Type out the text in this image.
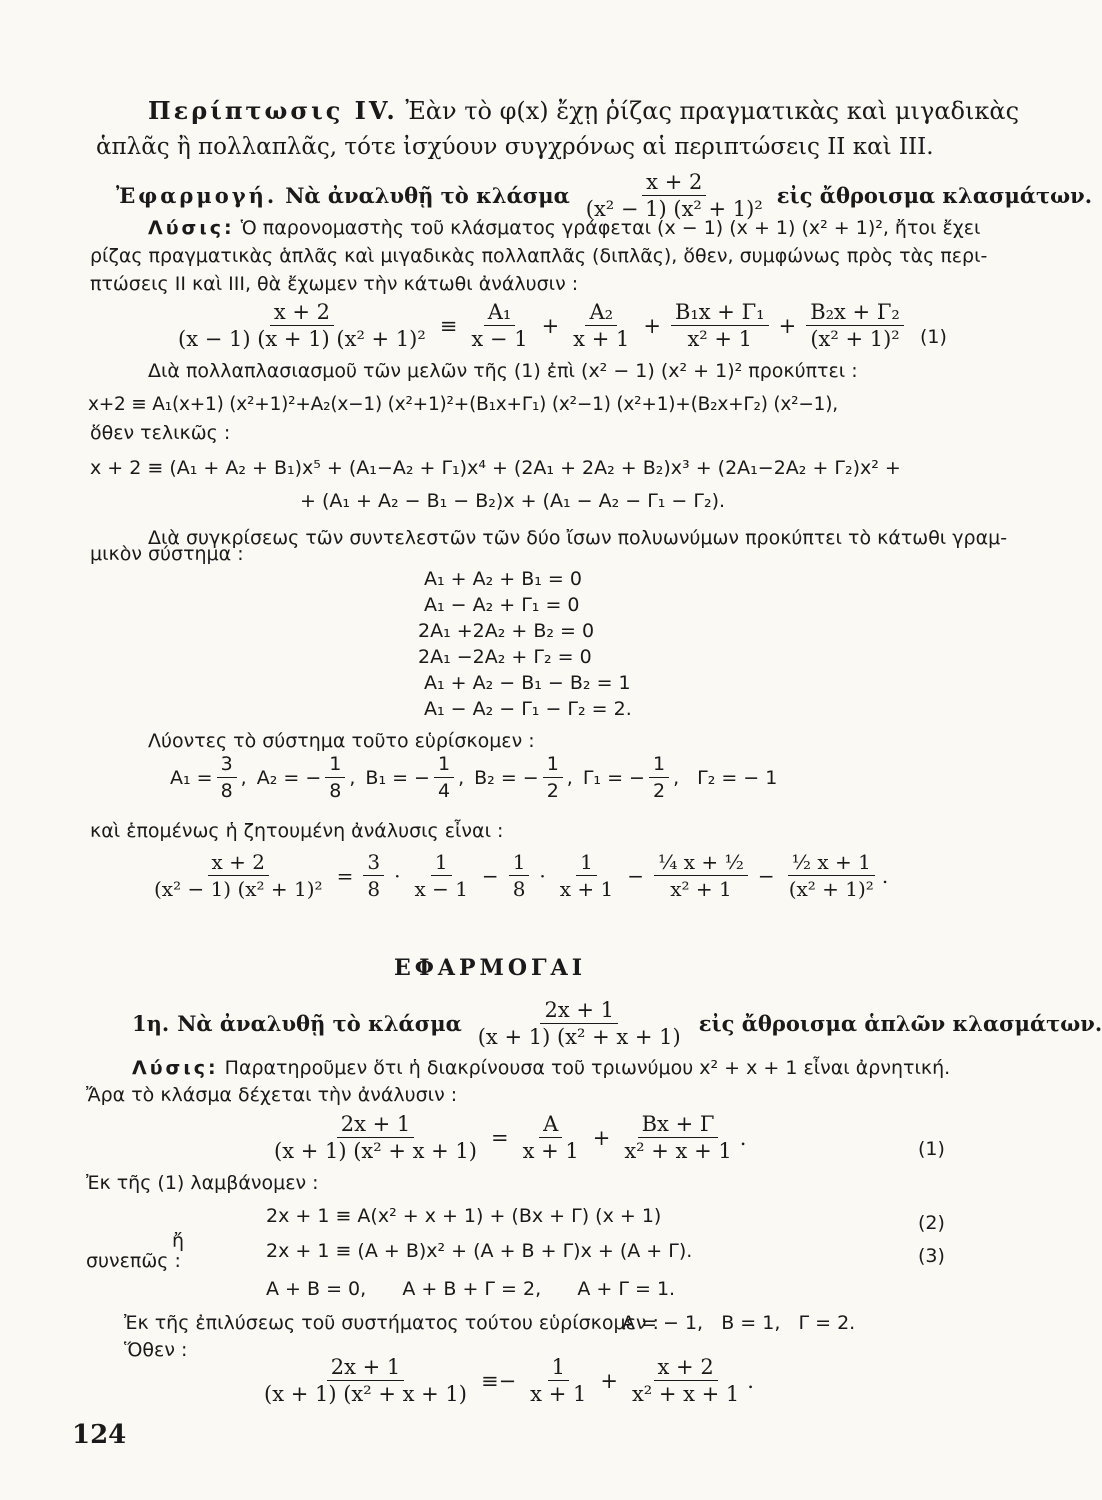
Περίπτωσις IV. Ἐὰν τὸ φ(x) ἔχῃ ῥίζας πραγματικὰς καὶ μιγαδικὰς
ἁπλᾶς ἢ πολλαπλᾶς, τότε ἰσχύουν συγχρόνως αἱ περιπτώσεις II καὶ III.
Ἐφαρμογή. Νὰ ἀναλυθῇ τὸ κλάσμα $\frac{x + 2}{\text{(x² − 1) (x² + 1)²}}$ εἰς ἄθροισμα κλασμάτων.
Λύσις: Ὁ παρονομαστὴς τοῦ κλάσματος γράφεται (x − 1) (x + 1) (x² + 1)², ἤτοι ἔχει
ρίζας πραγματικὰς ἁπλᾶς καὶ μιγαδικὰς πολλαπλᾶς (διπλᾶς), ὅθεν, συμφώνως πρὸς τὰς περι-
πτώσεις II καὶ III, θὰ ἔχωμεν τὴν κάτωθι ἀνάλυσιν :
$\frac{x + 2}{\text{(x − 1) (x + 1) (x² + 1)²}} \equiv \frac{\text{A₁}}{x - 1} + \frac{\text{A₂}}{x + 1} + \frac{\text{B₁x + Γ₁}}{\text{x² + 1}} + \frac{\text{B₂x + Γ₂}}{\text{(x² + 1)²}} (1)$
Διὰ πολλαπλασιασμοῦ τῶν μελῶν τῆς (1) ἐπὶ (x² − 1) (x² + 1)² προκύπτει :
x+2 ≡ A₁(x+1) (x²+1)²+A₂(x−1) (x²+1)²+(B₁x+Γ₁) (x²−1) (x²+1)+(B₂x+Γ₂) (x²−1),
ὅθεν τελικῶς :
x + 2 ≡ (A₁ + A₂ + B₁)x⁵ + (A₁−A₂ + Γ₁)x⁴ + (2A₁ + 2A₂ + B₂)x³ + (2A₁−2A₂ + Γ₂)x² +
+ (A₁ + A₂ − B₁ − B₂)x + (A₁ − A₂ − Γ₁ − Γ₂).
Διὰ συγκρίσεως τῶν συντελεστῶν τῶν δύο ἴσων πολυωνύμων προκύπτει τὸ κάτωθι γραμ-
μικὸν σύστημα :
A₁ + A₂ + B₁ = 0
A₁ − A₂ + Γ₁ = 0
2A₁ +2A₂ + B₂ = 0
2A₁ −2A₂ + Γ₂ = 0
A₁ + A₂ − B₁ − B₂ = 1
A₁ − A₂ − Γ₁ − Γ₂ = 2.
Λύοντες τὸ σύστημα τοῦτο εὑρίσκομεν :
$A_1 = \frac{3}{8}$ , A₂ = − $\frac{1}{8}$ , B₁ = − $\frac{1}{4}$ , B₂ = − $\frac{1}{2}$ , Γ₁ = − $\frac{1}{2}$ , Γ₂ = − 1
καὶ ἑπομένως ἡ ζητουμένη ἀνάλυσις εἶναι :
$\frac{x + 2}{\text{(x² − 1) (x² + 1)²}} = \frac{3}{8} \cdot \frac{1}{x - 1} - \frac{1}{8} \cdot \frac{1}{x + 1} - \frac{\text{¼ x + ½}}{\text{x² + 1}} - \frac{\text{½ x + 1}}{\text{(x² + 1)²}}$ .
ΕΦΑΡΜΟΓΑΙ
1η. Νὰ ἀναλυθῇ τὸ κλάσμα $\frac{2x + 1}{\text{(x + 1) (x² + x + 1)}}$ εἰς ἄθροισμα ἁπλῶν κλασμάτων.
Λύσις: Παρατηροῦμεν ὅτι ἡ διακρίνουσα τοῦ τριωνύμου x² + x + 1 εἶναι ἀρνητική.
Ἄρα τὸ κλάσμα δέχεται τὴν ἀνάλυσιν :
$\frac{2x + 1}{\text{(x + 1) (x² + x + 1)}} = \frac{A}{x + 1} + \frac{Bx + \Gamma}{\text{x² + x + 1}}$ .	(1)
Ἐκ τῆς (1) λαμβάνομεν :
2x + 1 ≡ A(x² + x + 1) + (Bx + Γ) (x + 1)	(2)
ἤ	2x + 1 ≡ (A + B)x² + (A + B + Γ)x + (A + Γ).	(3)
συνεπῶς :
A + B = 0,      A + B + Γ = 2,      A + Γ = 1.
Ἐκ τῆς ἐπιλύσεως τοῦ συστήματος τούτου εὑρίσκομεν :
A = − 1,   B = 1,   Γ = 2.
Ὅθεν :
$\frac{2x + 1}{\text{(x + 1) (x² + x + 1)}} \equiv- \frac{1}{x + 1} + \frac{x + 2}{\text{x² + x + 1}}$ .
124
